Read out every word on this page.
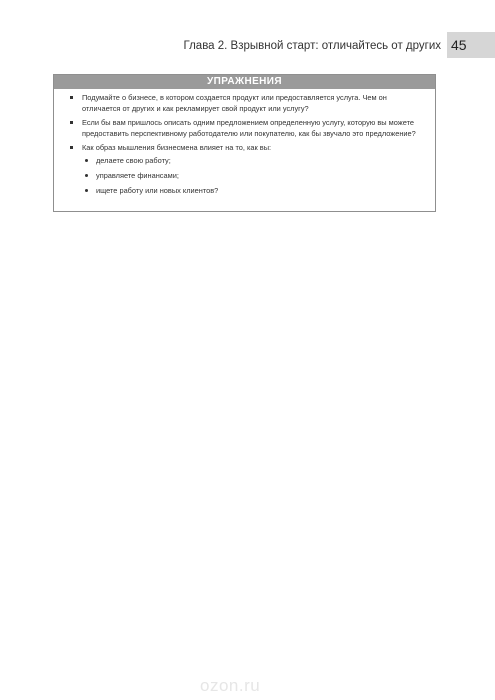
Глава 2. Взрывной старт: отличайтесь от других 45
УПРАЖНЕНИЯ
Подумайте о бизнесе, в котором создается продукт или предоставляется услуга. Чем он отличается от других и как рекламирует свой продукт или услугу?
Если бы вам пришлось описать одним предложением определенную услугу, которую вы можете предоставить перспективному работодателю или покупателю, как бы звучало это предложение?
Как образ мышления бизнесмена влияет на то, как вы:
делаете свою работу;
управляете финансами;
ищете работу или новых клиентов?
ozon.ru
